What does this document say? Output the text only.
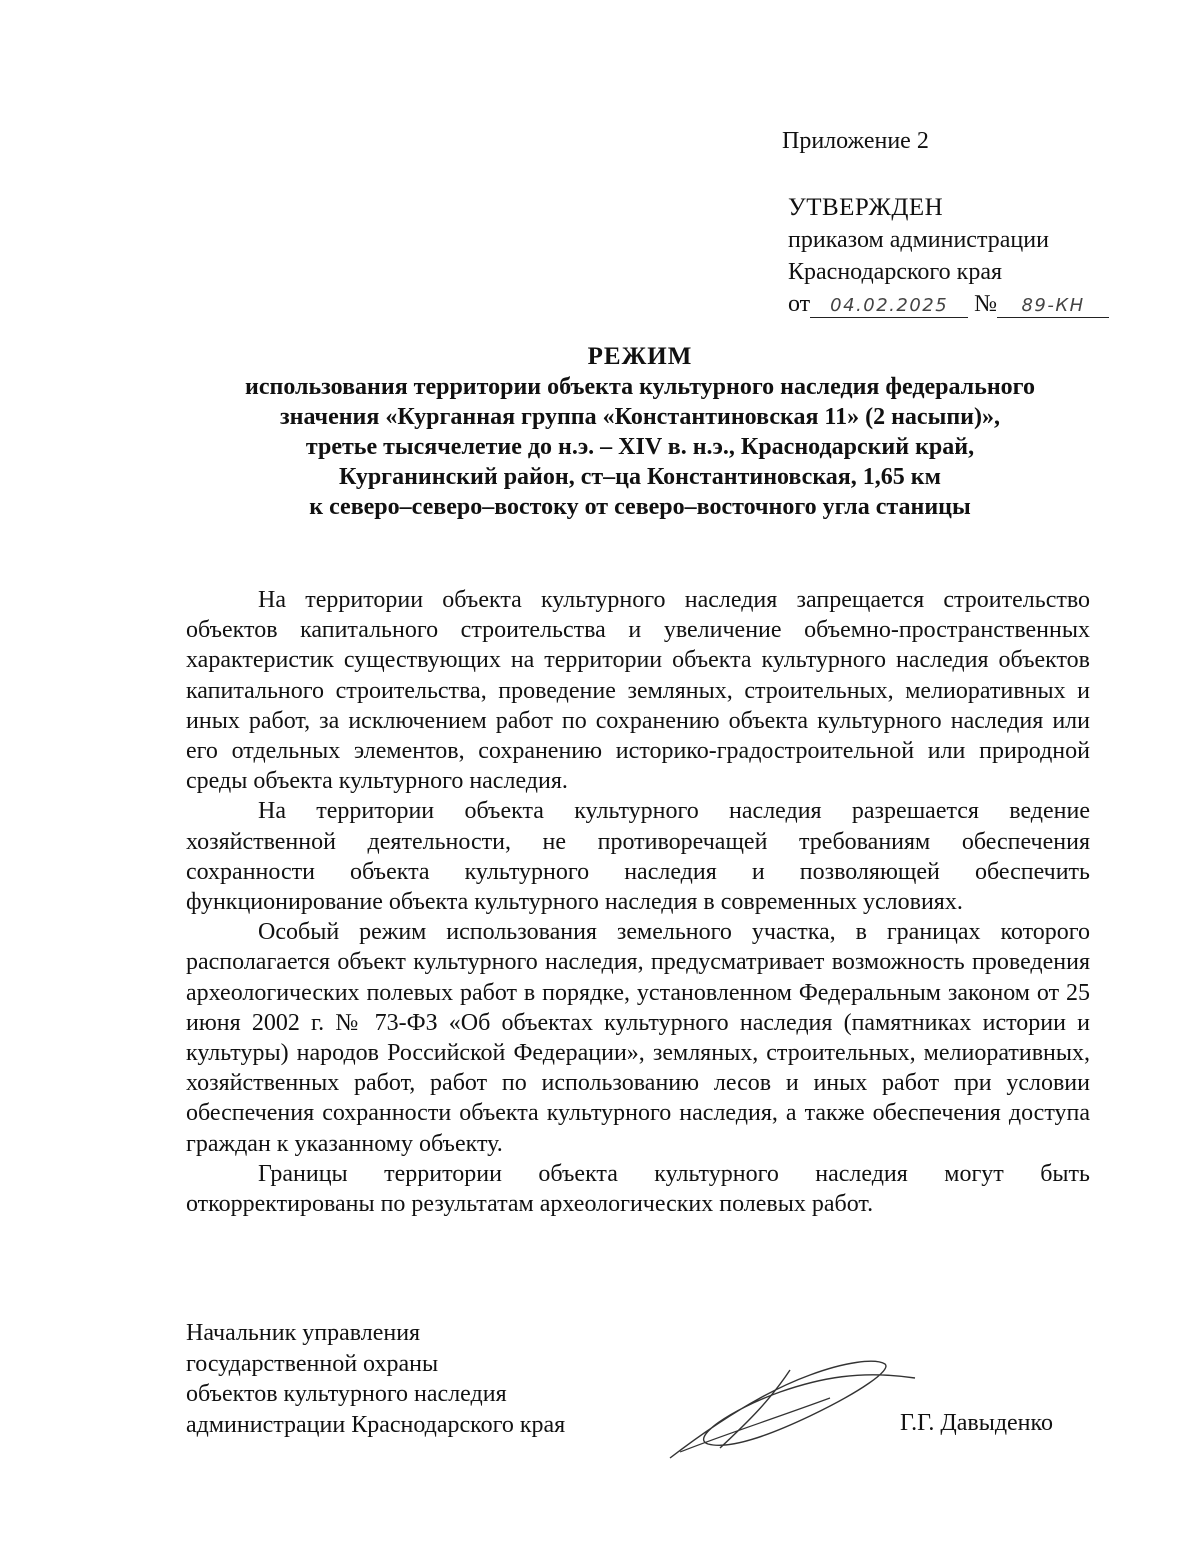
Приложение 2
УТВЕРЖДЕН
приказом администрации
Краснодарского края
от 04.02.2025 № 89-КН
РЕЖИМ
использования территории объекта культурного наследия федерального
значения «Курганная группа «Константиновская 11» (2 насыпи)»,
третье тысячелетие до н.э. – XIV в. н.э., Краснодарский край,
Курганинский район, ст–ца Константиновская, 1,65 км
к северо–северо–востоку от северо–восточного угла станицы

На территории объекта культурного наследия запрещается строительство объектов капитального строительства и увеличение объемно-пространственных характеристик существующих на территории объекта культурного наследия объектов капитального строительства, проведение земляных, строительных, мелиоративных и иных работ, за исключением работ по сохранению объекта культурного наследия или его отдельных элементов, сохранению историко-градостроительной или природной среды объекта культурного наследия.

На территории объекта культурного наследия разрешается ведение хозяйственной деятельности, не противоречащей требованиям обеспечения сохранности объекта культурного наследия и позволяющей обеспечить функционирование объекта культурного наследия в современных условиях.

Особый режим использования земельного участка, в границах которого располагается объект культурного наследия, предусматривает возможность проведения археологических полевых работ в порядке, установленном Федеральным законом от 25 июня 2002 г. № 73-ФЗ «Об объектах культурного наследия (памятниках истории и культуры) народов Российской Федерации», земляных, строительных, мелиоративных, хозяйственных работ, работ по использованию лесов и иных работ при условии обеспечения сохранности объекта культурного наследия, а также обеспечения доступа граждан к указанному объекту.

Границы территории объекта культурного наследия могут быть откорректированы по результатам археологических полевых работ.

Начальник управления
государственной охраны
объектов культурного наследия
администрации Краснодарского края	Г.Г. Давыденко
